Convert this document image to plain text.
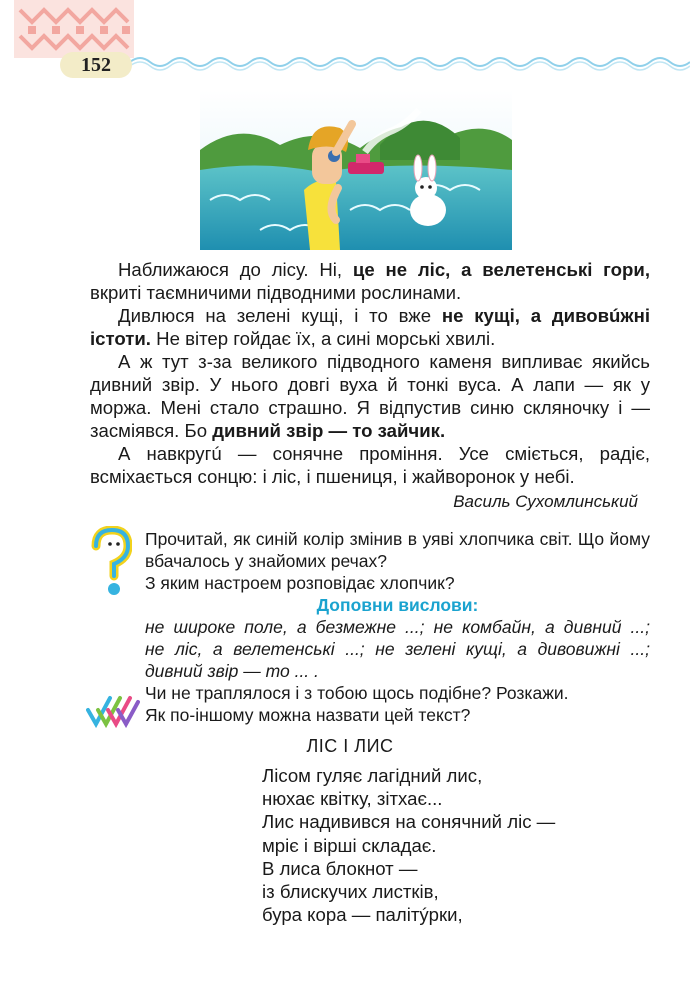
152

Наближаюся до лісу. Ні, це не ліс, а велетенські гори, вкриті таємничими підводними рослинами.

Дивлюся на зелені кущі, і то вже не кущі, а дивовúжні істоти. Не вітер гойдає їх, а сині морські хвилі.

А ж тут з-за великого підводного каменя випливає якийсь дивний звір. У нього довгі вуха й тонкі вуса. А лапи — як у моржа. Мені стало страшно. Я відпустив синю скляночку і — засміявся. Бо дивний звір — то зайчик.

А навкругú — сонячне проміння. Усе сміється, радіє, всміхається сонцю: і ліс, і пшениця, і жайворонок у небі.

Василь Сухомлинський

Прочитай, як синій колір змінив в уяві хлопчика світ. Що йому вбачалось у знайомих речах?

З яким настроем розповідає хлопчик?

Доповни вислови:

не широке поле, а безмежне ...; не комбайн, а дивний ...;

не ліс, а велетенські ...; не зелені кущі, а дивовижні ...;

дивний звір — то ... .

Чи не траплялося і з тобою щось подібне? Розкажи.

Як по-іншому можна назвати цей текст?

ЛІС І ЛИС
Лісом гуляє лагідний лис,
нюхає квітку, зітхає...
Лис надивився на сонячний ліс —
мріє і вірші складає.
В лиса блокнот —
із блискучих листків,
бура кора — палітýрки,
